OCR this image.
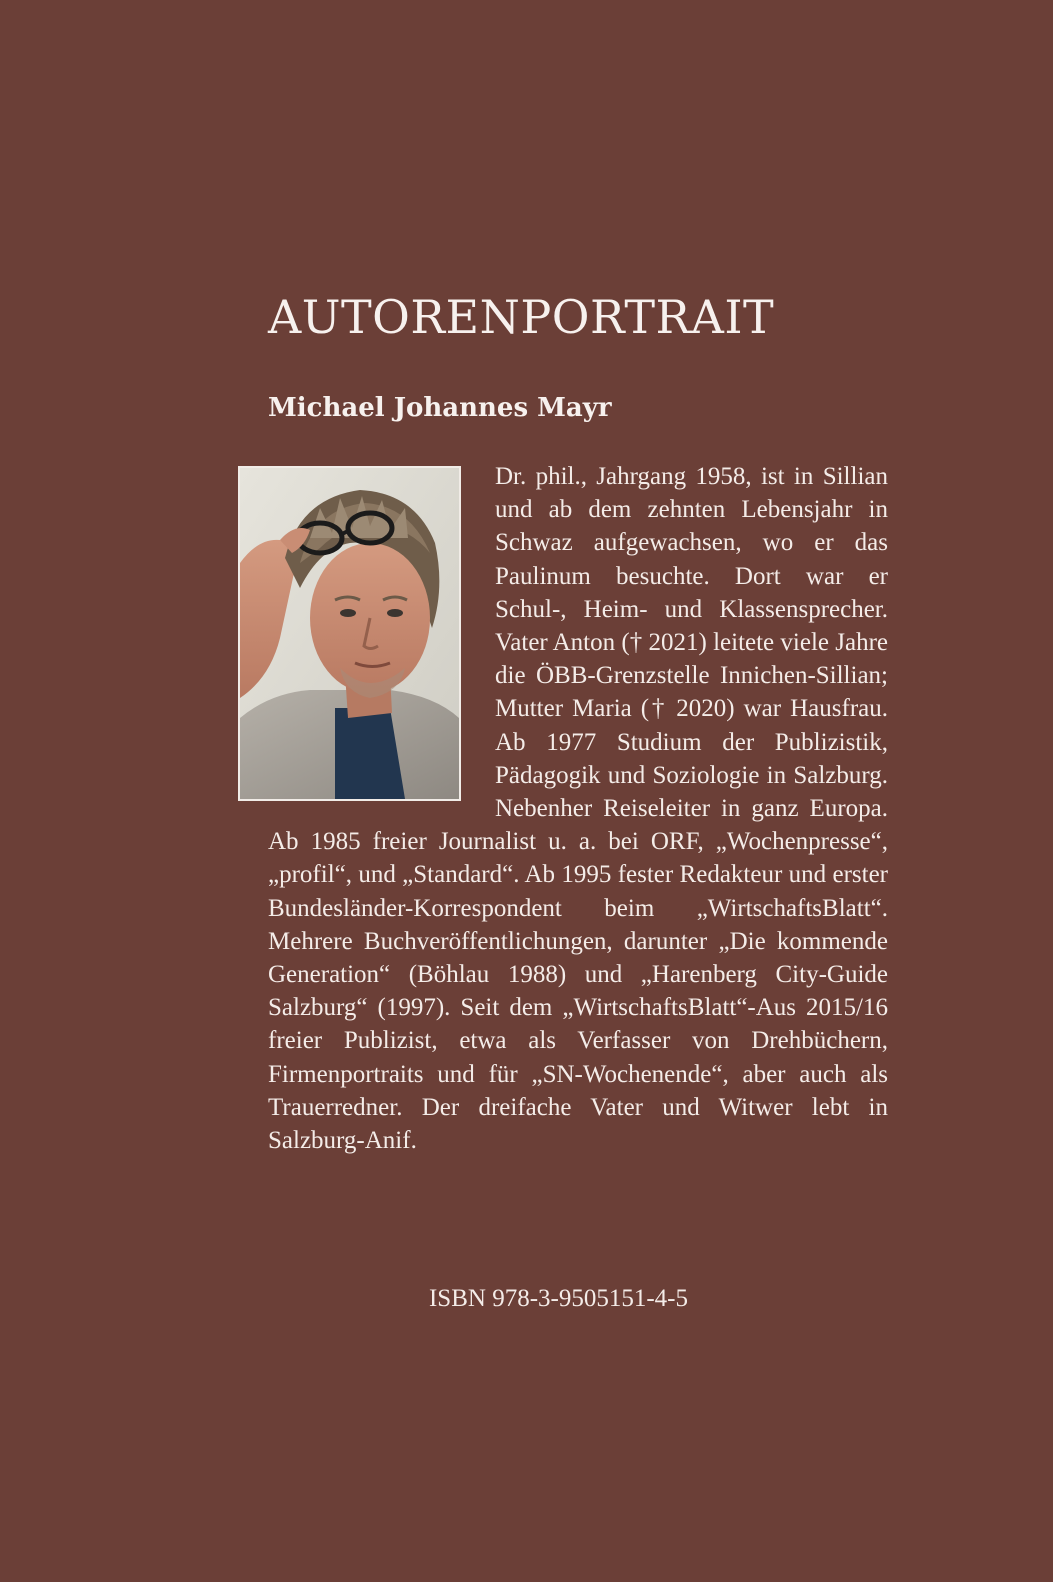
AUTORENPORTRAIT
Michael Johannes Mayr
Dr. phil., Jahrgang 1958, ist in Sillian und ab dem zehnten Lebensjahr in Schwaz aufgewachsen, wo er das Paulinum besuchte. Dort war er Schul-, Heim- und Klassensprecher. Vater Anton († 2021) leitete viele Jahre die ÖBB-Grenzstelle Innichen-Sillian; Mutter Maria († 2020) war Hausfrau. Ab 1977 Studium der Publizistik, Pädagogik und Soziologie in Salzburg. Nebenher Reiseleiter in ganz Europa. Ab 1985 freier Journalist u. a. bei ORF, „Wochenpresse“, „profil“, und „Standard“. Ab 1995 fester Redakteur und erster Bundesländer-Korrespondent beim „WirtschaftsBlatt“. Mehrere Buchveröffentlichungen, darunter „Die kommende Generation“ (Böhlau 1988) und „Harenberg City-Guide Salzburg“ (1997). Seit dem „WirtschaftsBlatt“-Aus 2015/16 freier Publizist, etwa als Verfasser von Drehbüchern, Firmenportraits und für „SN-Wochenende“, aber auch als Trauerredner. Der dreifache Vater und Witwer lebt in Salzburg-Anif.

ISBN 978-3-9505151-4-5
